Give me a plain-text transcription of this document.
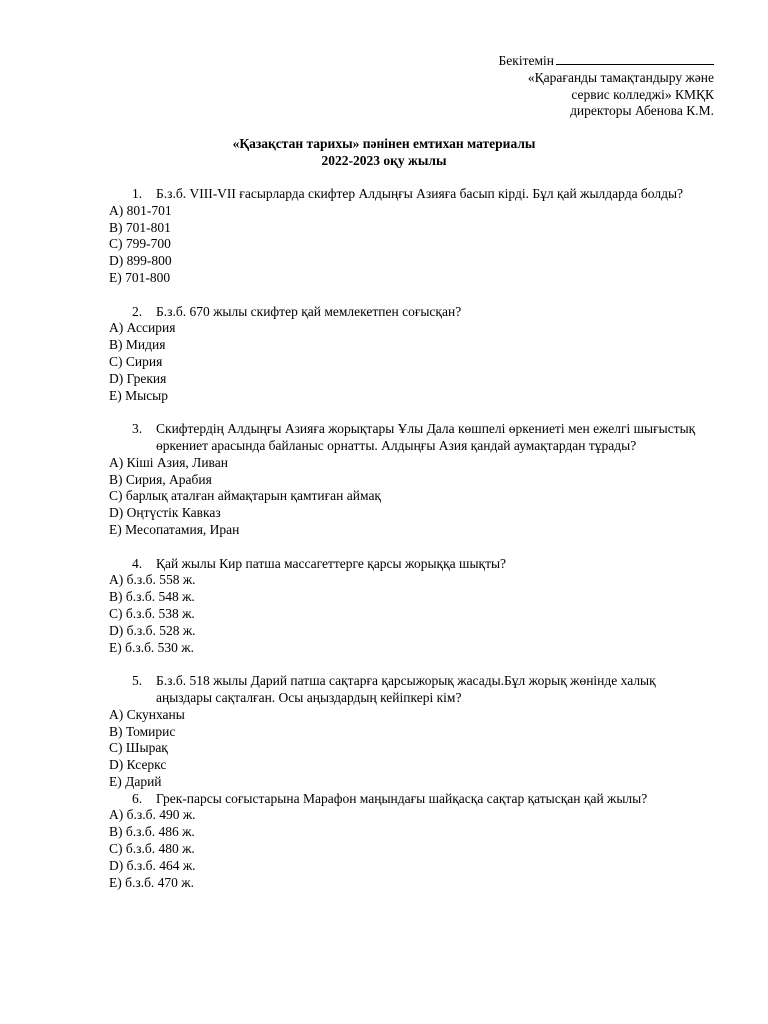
Бекітемін
«Қарағанды тамақтандыру және
сервис колледжі» КМҚК
директоры Абенова К.М.
«Қазақстан тарихы» пәнінен емтихан материалы
2022-2023 оқу жылы
1. Б.з.б. VIII-VII ғасырларда скифтер Алдыңғы Азияға басып кірді. Бұл қай жылдарда болды?
A) 801-701
B) 701-801
C) 799-700
D) 899-800
E) 701-800
2. Б.з.б. 670 жылы скифтер қай мемлекетпен соғысқан?
A) Ассирия
B) Мидия
C) Сирия
D) Грекия
E) Мысыр
3. Скифтердің Алдыңғы Азияға жорықтары Ұлы Дала көшпелі өркениеті мен ежелгі шығыстық өркениет арасында байланыс орнатты. Алдыңғы Азия қандай аумақтардан тұрады?
A) Кіші Азия, Ливан
B) Сирия, Арабия
C) барлық аталған аймақтарын қамтиған аймақ
D) Оңтүстік Кавказ
E) Месопатамия, Иран
4. Қай жылы Кир патша массагеттерге қарсы жорыққа шықты?
A) б.з.б. 558 ж.
B) б.з.б. 548 ж.
C) б.з.б. 538 ж.
D) б.з.б. 528 ж.
E) б.з.б. 530 ж.
5. Б.з.б. 518 жылы Дарий патша сақтарға қарсыжорық жасады.Бұл жорық жөнінде халық аңыздары сақталған. Осы аңыздардың кейіпкері кім?
A) Скунханы
B) Томирис
C) Шырақ
D) Ксеркс
E) Дарий
6. Грек-парсы соғыстарына Марафон маңындағы шайқасқа сақтар қатысқан қай жылы?
A) б.з.б. 490 ж.
B) б.з.б. 486 ж.
C) б.з.б. 480 ж.
D) б.з.б. 464 ж.
E) б.з.б. 470 ж.
